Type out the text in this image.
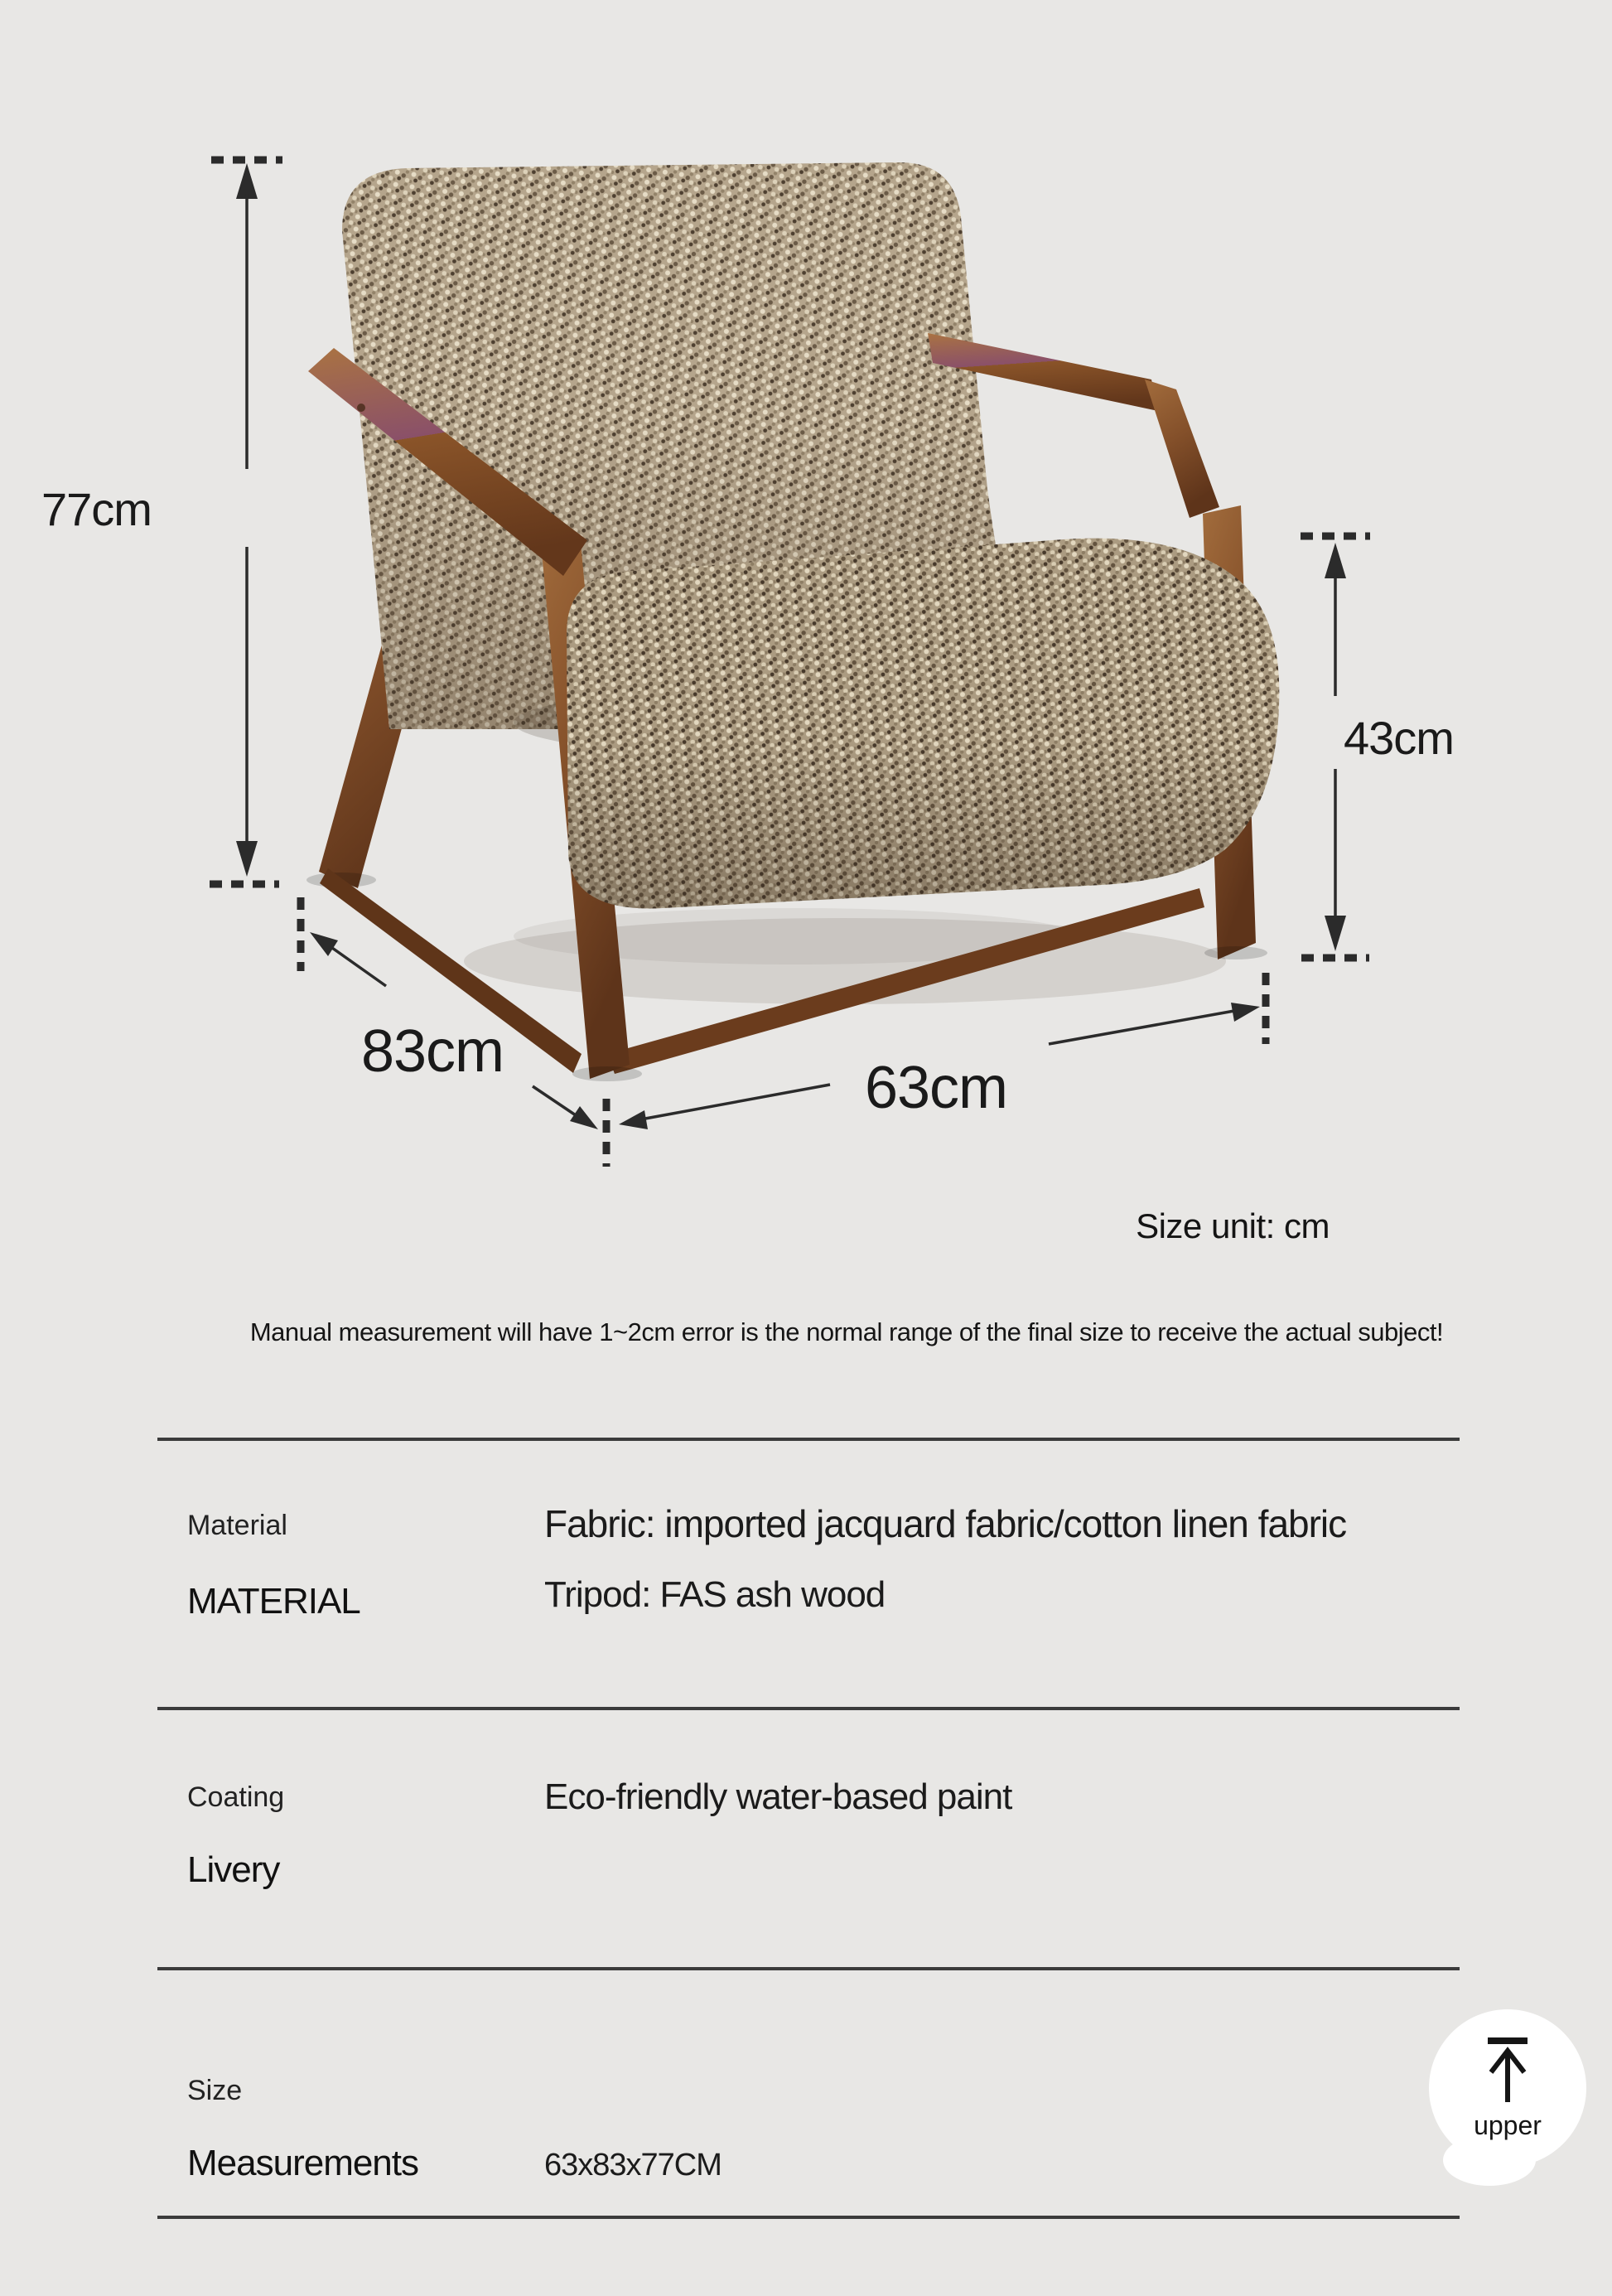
77cm
43cm
83cm
63cm
Size unit: cm
Manual measurement will have 1~2cm error is the normal range of the final size to receive the actual subject!
Material
MATERIAL
Fabric: imported jacquard fabric/cotton linen fabric
Tripod: FAS ash wood
Coating
Livery
Eco-friendly water-based paint
Size
Measurements	63x83x77CM
upper
